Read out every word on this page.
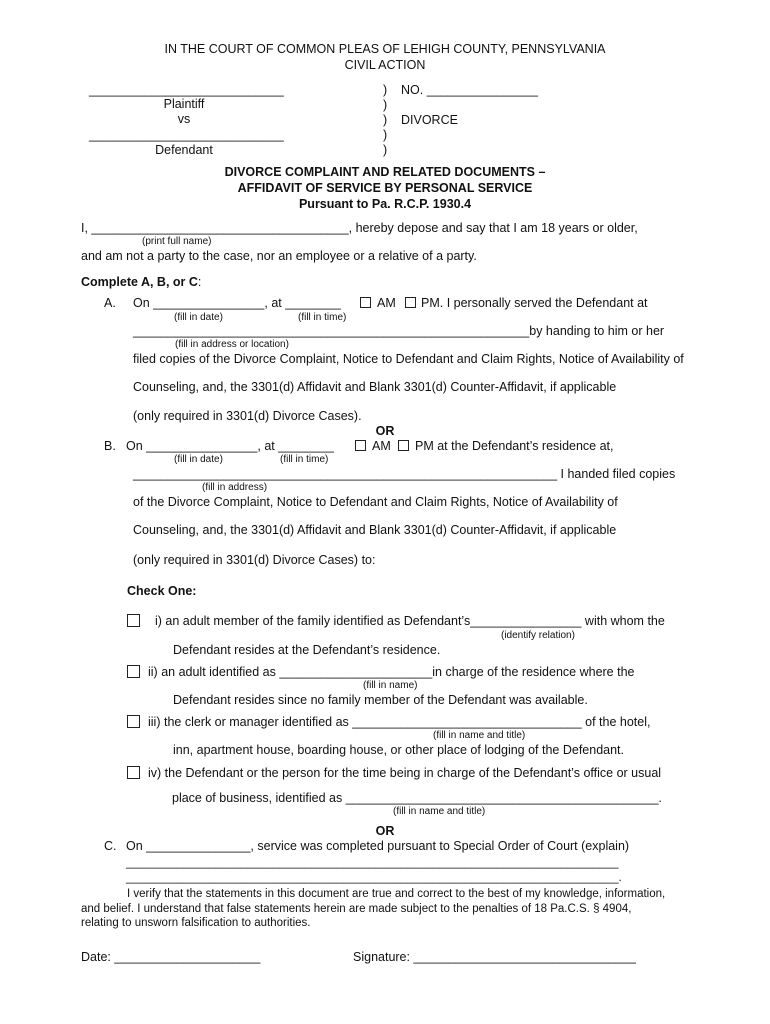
IN THE COURT OF COMMON PLEAS OF LEHIGH COUNTY, PENNSYLVANIA
CIVIL ACTION
____________________________
Plaintiff
vs
____________________________
Defendant
)
)
)
)
)
NO. ________________
DIVORCE
DIVORCE COMPLAINT AND RELATED DOCUMENTS –
AFFIDAVIT OF SERVICE BY PERSONAL SERVICE
Pursuant to Pa. R.C.P. 1930.4
I, _____________________________________, hereby depose and say that I am 18 years or older,
(print full name)
and am not a party to the case, nor an employee or a relative of a party.
Complete A, B, or C:
A. On ________________, at ________	AM PM. I personally served the Defendant at
(fill in date)	(fill in time)
_________________________________________________________by handing to him or her
(fill in address or location)
filed copies of the Divorce Complaint, Notice to Defendant and Claim Rights, Notice of Availability of
Counseling, and, the 3301(d) Affidavit and Blank 3301(d) Counter-Affidavit, if applicable
(only required in 3301(d) Divorce Cases).
OR
B. On ________________, at ________	AM PM at the Defendant’s residence at,
(fill in date)	(fill in time)
_____________________________________________________________ I handed filed copies
(fill in address)
of the Divorce Complaint, Notice to Defendant and Claim Rights, Notice of Availability of
Counseling, and, the 3301(d) Affidavit and Blank 3301(d) Counter-Affidavit, if applicable
(only required in 3301(d) Divorce Cases) to:
Check One:
i) an adult member of the family identified as Defendant’s________________ with whom the
(identify relation)
Defendant resides at the Defendant’s residence.
ii) an adult identified as ______________________in charge of the residence where the
(fill in name)
Defendant resides since no family member of the Defendant was available.
iii) the clerk or manager identified as _________________________________ of the hotel,
(fill in name and title)
inn, apartment house, boarding house, or other place of lodging of the Defendant.
iv) the Defendant or the person for the time being in charge of the Defendant’s office or usual
place of business, identified as _____________________________________________.
(fill in name and title)
OR
C. On _______________, service was completed pursuant to Special Order of Court (explain)
_____________________________________________________________________________
_____________________________________________________________________________.
I verify that the statements in this document are true and correct to the best of my knowledge, information,
and belief. I understand that false statements herein are made subject to the penalties of 18 Pa.C.S. § 4904,
relating to unsworn falsification to authorities.
Date: _____________________	Signature: ________________________________
